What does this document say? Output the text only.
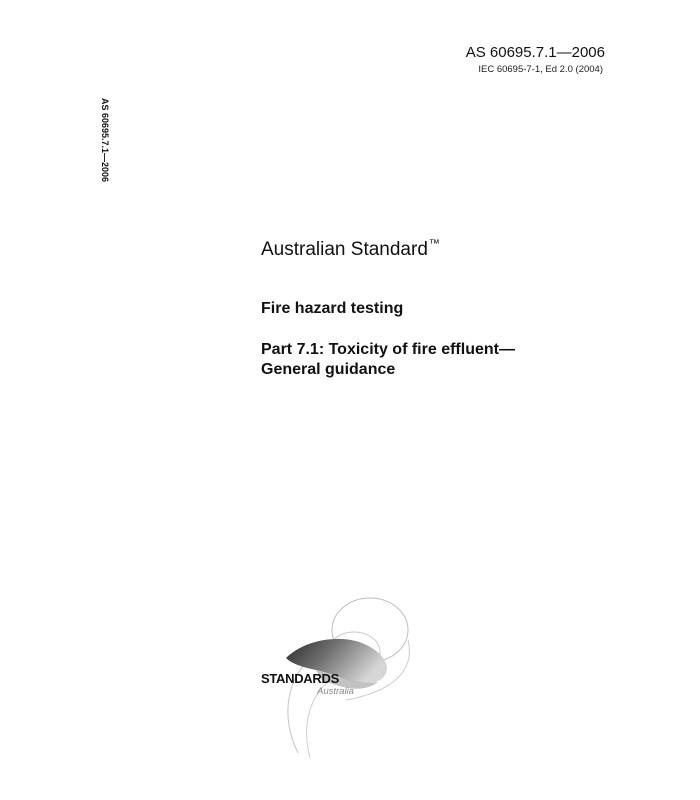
AS 60695.7.1—2006
IEC 60695-7-1, Ed 2.0 (2004)
AS 60695.7.1—2006
Australian Standard™
Fire hazard testing
Part 7.1: Toxicity of fire effluent—
General guidance
STANDARDS
Australia
